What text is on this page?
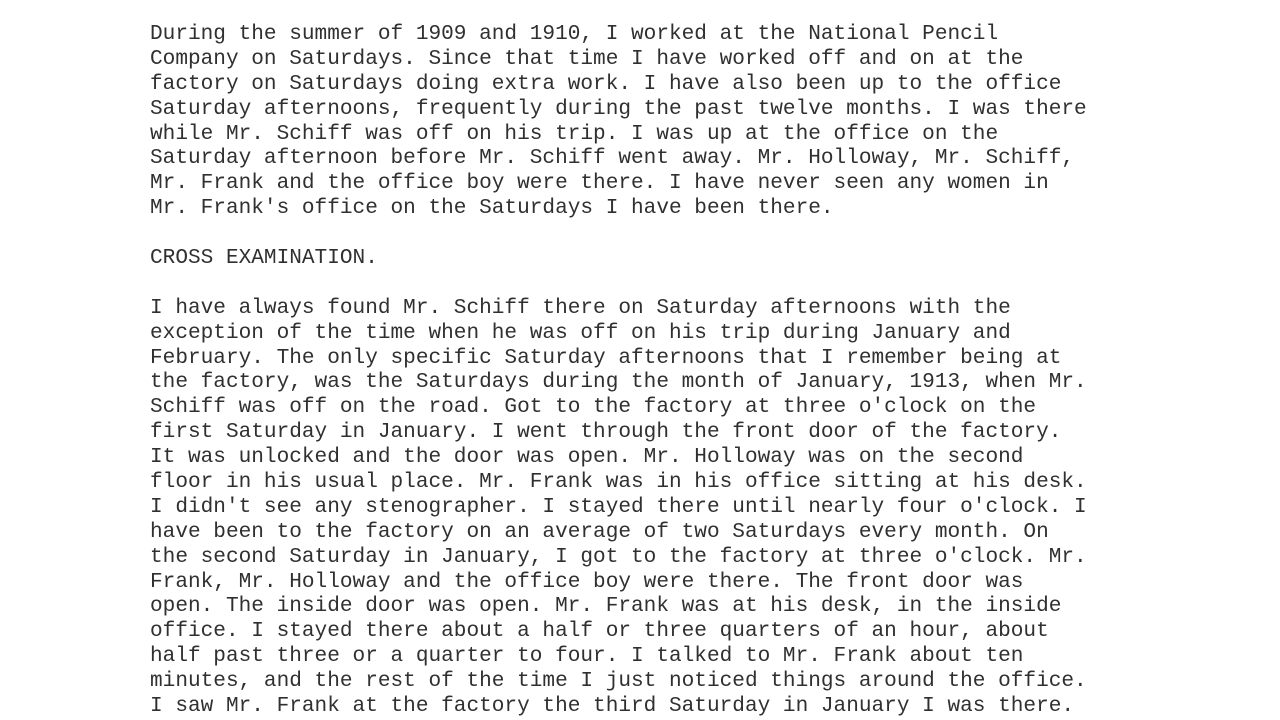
During the summer of 1909 and 1910, I worked at the National Pencil
Company on Saturdays. Since that time I have worked off and on at the
factory on Saturdays doing extra work. I have also been up to the office
Saturday afternoons, frequently during the past twelve months. I was there
while Mr. Schiff was off on his trip. I was up at the office on the
Saturday afternoon before Mr. Schiff went away. Mr. Holloway, Mr. Schiff,
Mr. Frank and the office boy were there. I have never seen any women in
Mr. Frank's office on the Saturdays I have been there.
CROSS EXAMINATION.
I have always found Mr. Schiff there on Saturday afternoons with the
exception of the time when he was off on his trip during January and
February. The only specific Saturday afternoons that I remember being at
the factory, was the Saturdays during the month of January, 1913, when Mr.
Schiff was off on the road. Got to the factory at three o'clock on the
first Saturday in January. I went through the front door of the factory.
It was unlocked and the door was open. Mr. Holloway was on the second
floor in his usual place. Mr. Frank was in his office sitting at his desk.
I didn't see any stenographer. I stayed there until nearly four o'clock. I
have been to the factory on an average of two Saturdays every month. On
the second Saturday in January, I got to the factory at three o'clock. Mr.
Frank, Mr. Holloway and the office boy were there. The front door was
open. The inside door was open. Mr. Frank was at his desk, in the inside
office. I stayed there about a half or three quarters of an hour, about
half past three or a quarter to four. I talked to Mr. Frank about ten
minutes, and the rest of the time I just noticed things around the office.
I saw Mr. Frank at the factory the third Saturday in January I was there.
